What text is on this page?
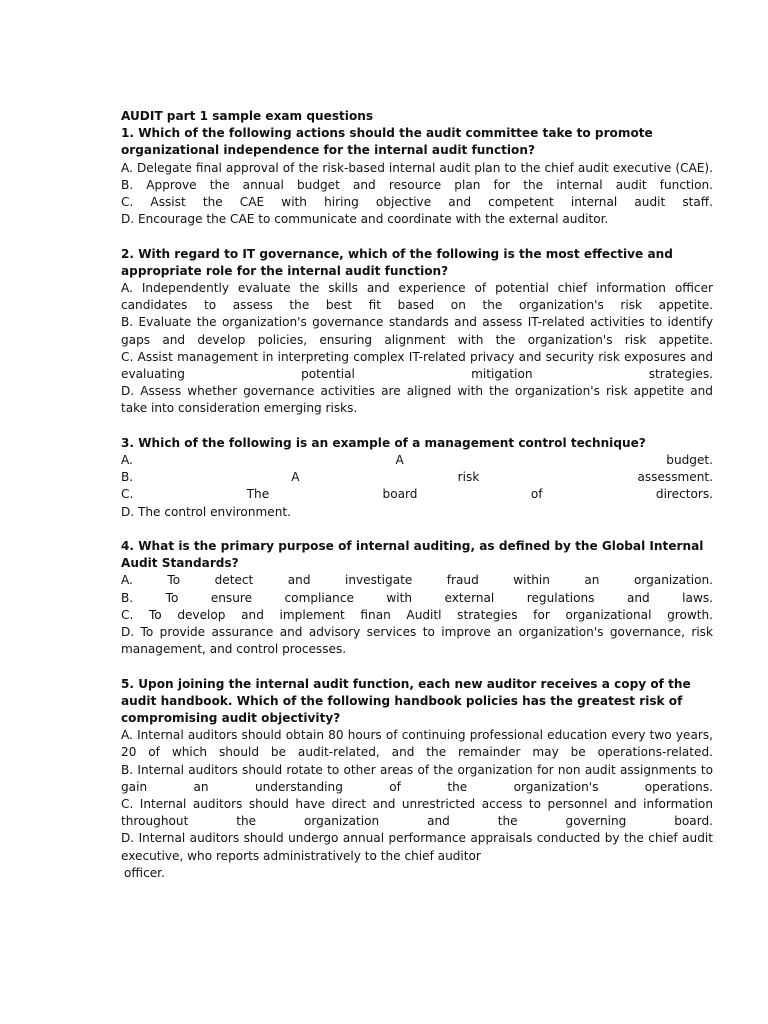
AUDIT part 1 sample exam questions
1. Which of the following actions should the audit committee take to promote organizational independence for the internal audit function?
A. Delegate final approval of the risk-based internal audit plan to the chief audit executive (CAE).
B. Approve the annual budget and resource plan for the internal audit function.
C. Assist the CAE with hiring objective and competent internal audit staff.
D. Encourage the CAE to communicate and coordinate with the external auditor.
2. With regard to IT governance, which of the following is the most effective and appropriate role for the internal audit function?
A. Independently evaluate the skills and experience of potential chief information officer candidates to assess the best fit based on the organization's risk appetite.
B. Evaluate the organization's governance standards and assess IT-related activities to identify gaps and develop policies, ensuring alignment with the organization's risk appetite.
C. Assist management in interpreting complex IT-related privacy and security risk exposures and evaluating potential mitigation strategies.
D. Assess whether governance activities are aligned with the organization's risk appetite and take into consideration emerging risks.
3. Which of the following is an example of a management control technique?
A. A budget.
B. A risk assessment.
C. The board of directors.
D. The control environment.
4. What is the primary purpose of internal auditing, as defined by the Global Internal Audit Standards?
A. To detect and investigate fraud within an organization.
B. To ensure compliance with external regulations and laws.
C. To develop and implement finan Auditl strategies for organizational growth.
D. To provide assurance and advisory services to improve an organization's governance, risk management, and control processes.
5. Upon joining the internal audit function, each new auditor receives a copy of the audit handbook. Which of the following handbook policies has the greatest risk of compromising audit objectivity?
A. Internal auditors should obtain 80 hours of continuing professional education every two years, 20 of which should be audit-related, and the remainder may be operations-related.
B. Internal auditors should rotate to other areas of the organization for non audit assignments to gain an understanding of the organization's operations.
C. Internal auditors should have direct and unrestricted access to personnel and information throughout the organization and the governing board.
D. Internal auditors should undergo annual performance appraisals conducted by the chief audit executive, who reports administratively to the chief auditor
officer.
